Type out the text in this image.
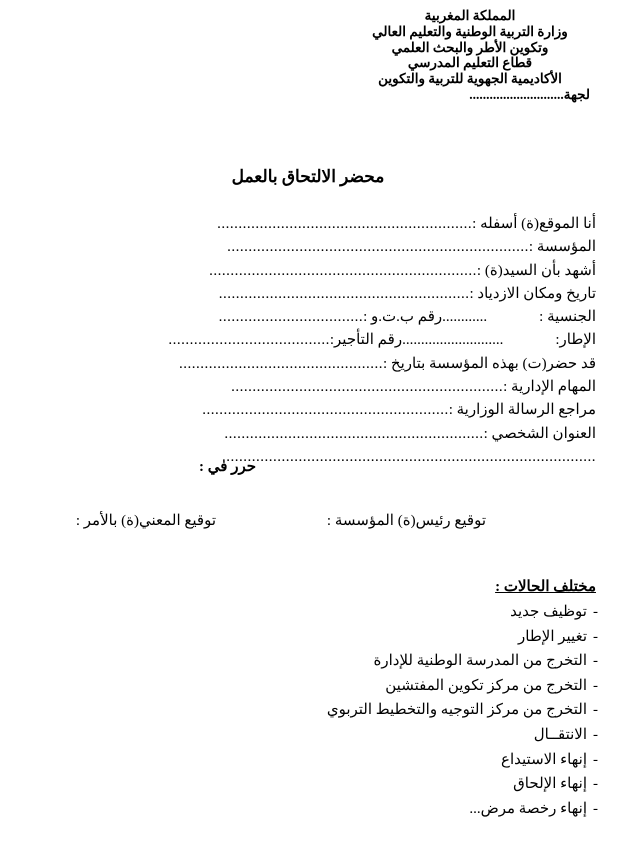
المملكة المغربية
وزارة التربية الوطنية والتعليم العالي
وتكوين الأطر والبحث العلمي
قطاع التعليم المدرسي
الأكاديمية الجهوية للتربية والتكوين
لجهة............................
محضر الالتحاق بالعمل
أنا الموقع(ة) أسفله :
............................................................
المؤسسة :
.......................................................................
أشهد بأن السيد(ة) :
...............................................................
تاريخ ومكان الازدياد :
...........................................................
الجنسية :
............
رقم ب.ت.و :
..................................
الإطار:
...........................
رقم التأجير:
......................................
قد حضر(ت) بهذه المؤسسة بتاريخ :
................................................
المهام الإدارية :
................................................................
مراجع الرسالة الوزارية :
..........................................................
العنوان الشخصي :
.............................................................
........................................................................................
حرر في :
توقيع رئيس(ة) المؤسسة :
توقيع المعني(ة) بالأمر :
مختلف الحالات :
-توظيف جديد
-تغيير الإطار
-التخرج من المدرسة الوطنية للإدارة
-التخرج من مركز تكوين المفتشين
-التخرج من مركز التوجيه والتخطيط التربوي
-الانتقــال
-إنهاء الاستيداع
-إنهاء الإلحاق
-إنهاء رخصة مرض...
